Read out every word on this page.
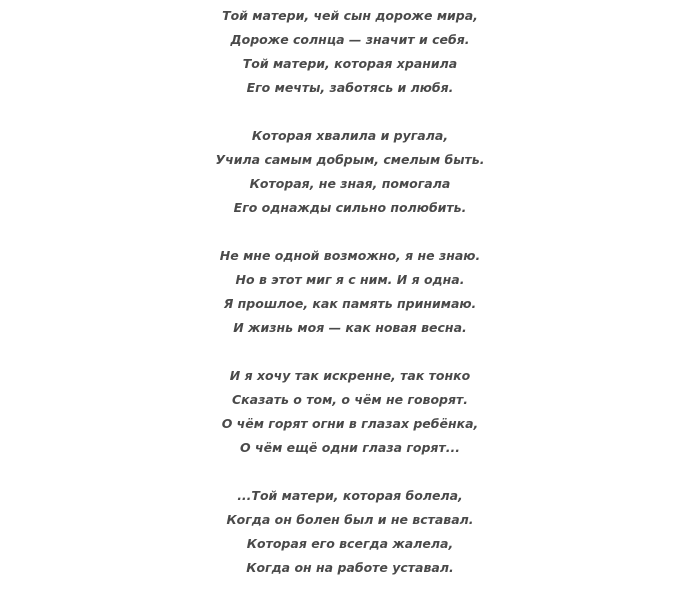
Той матери, чей сын дороже мира,
Дороже солнца — значит и себя.
Той матери, которая хранила
Его мечты, заботясь и любя.
Которая хвалила и ругала,
Учила самым добрым, смелым быть.
Которая, не зная, помогала
Его однажды сильно полюбить.
Не мне одной возможно, я не знаю.
Но в этот миг я с ним. И я одна.
Я прошлое, как память принимаю.
И жизнь моя — как новая весна.
И я хочу так искренне, так тонко
Сказать о том, о чём не говорят.
О чём горят огни в глазах ребёнка,
О чём ещё одни глаза горят...
...Той матери, которая болела,
Когда он болен был и не вставал.
Которая его всегда жалела,
Когда он на работе уставал.
